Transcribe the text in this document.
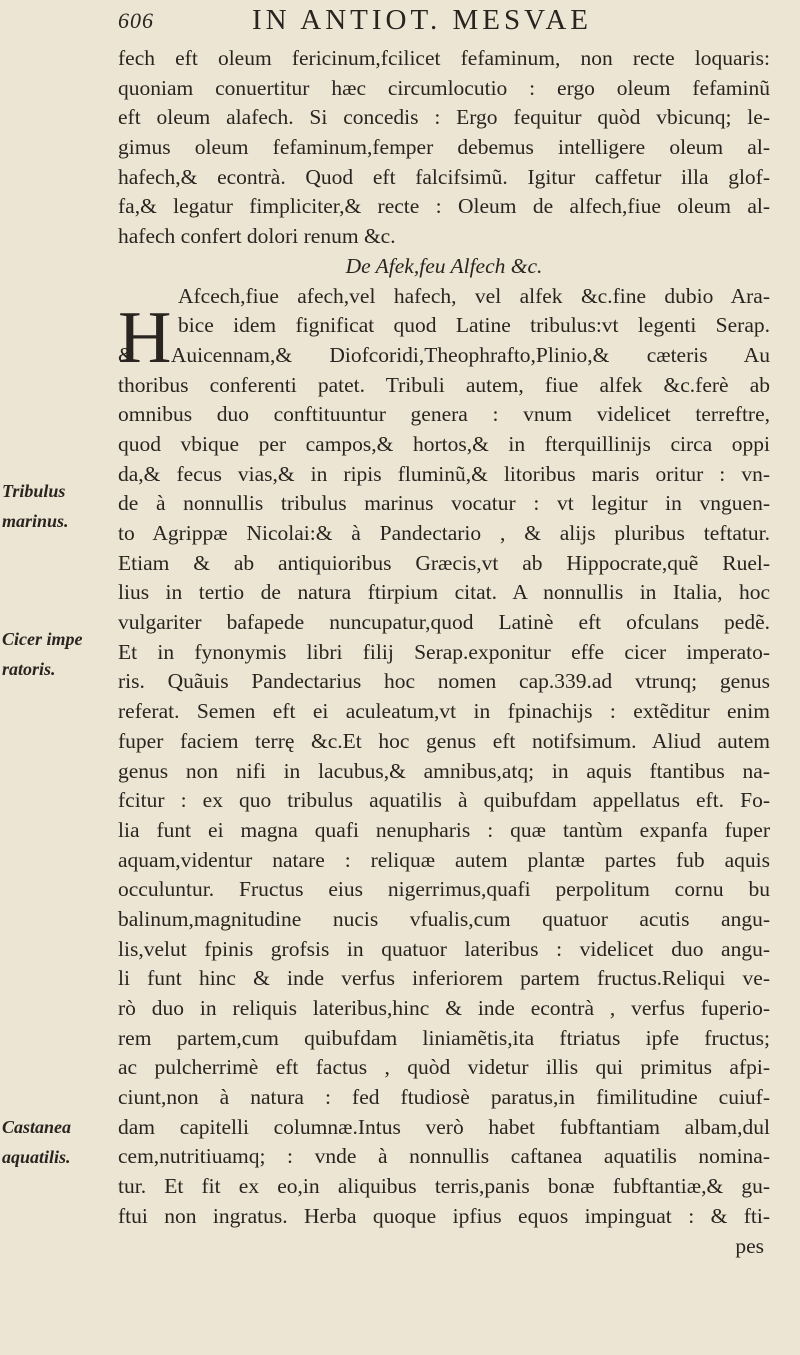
606	IN ANTIOT. MESVAE
Tribulus
marinus.
Cicer impe
ratoris.
Castanea
aquatilis.
H
fech eft oleum fericinum,fcilicet fefaminum, non recte loquaris:
quoniam conuertitur hæc circumlocutio : ergo oleum fefaminũ
eft oleum alafech. Si concedis : Ergo fequitur quòd vbicunq; le-
gimus oleum fefaminum,femper debemus intelligere oleum al-
hafech,& econtrà. Quod eft falcifsimũ. Igitur caffetur illa glof-
fa,& legatur fimpliciter,& recte : Oleum de alfech,fiue oleum al-
hafech confert dolori renum &c.
De Afek,feu Alfech &c.
Afcech,fiue afech,vel hafech, vel alfek &c.fine dubio Ara-
bice idem fignificat quod Latine tribulus:vt legenti Serap.
& Auicennam,& Diofcoridi,Theophrafto,Plinio,& cæteris Au
thoribus conferenti patet. Tribuli autem, fiue alfek &c.ferè ab
omnibus duo conftituuntur genera : vnum videlicet terreftre,
quod vbique per campos,& hortos,& in fterquillinijs circa oppi
da,& fecus vias,& in ripis fluminũ,& litoribus maris oritur : vn-
de à nonnullis tribulus marinus vocatur : vt legitur in vnguen-
to Agrippæ Nicolai:& à Pandectario , & alijs pluribus teftatur.
Etiam & ab antiquioribus Græcis,vt ab Hippocrate,quẽ Ruel-
lius in tertio de natura ftirpium citat. A nonnullis in Italia, hoc
vulgariter bafapede nuncupatur,quod Latinè eft ofculans pedẽ.
Et in fynonymis libri filij Serap.exponitur effe cicer imperato-
ris. Quãuis Pandectarius hoc nomen cap.339.ad vtrunq; genus
referat. Semen eft ei aculeatum,vt in fpinachijs : extẽditur enim
fuper faciem terrę &c.Et hoc genus eft notifsimum. Aliud autem
genus non nifi in lacubus,& amnibus,atq; in aquis ftantibus na-
fcitur : ex quo tribulus aquatilis à quibufdam appellatus eft. Fo-
lia funt ei magna quafi nenupharis : quæ tantùm expanfa fuper
aquam,videntur natare : reliquæ autem plantæ partes fub aquis
occuluntur. Fructus eius nigerrimus,quafi perpolitum cornu bu
balinum,magnitudine nucis vfualis,cum quatuor acutis angu-
lis,velut fpinis grofsis in quatuor lateribus : videlicet duo angu-
li funt hinc & inde verfus inferiorem partem fructus.Reliqui ve-
rò duo in reliquis lateribus,hinc & inde econtrà , verfus fuperio-
rem partem,cum quibufdam liniamẽtis,ita ftriatus ipfe fructus;
ac pulcherrimè eft factus , quòd videtur illis qui primitus afpi-
ciunt,non à natura : fed ftudiosè paratus,in fimilitudine cuiuf-
dam capitelli columnæ.Intus verò habet fubftantiam albam,dul
cem,nutritiuamq; : vnde à nonnullis caftanea aquatilis nomina-
tur. Et fit ex eo,in aliquibus terris,panis bonæ fubftantiæ,& gu-
ftui non ingratus. Herba quoque ipfius equos impinguat : & fti-
pes
